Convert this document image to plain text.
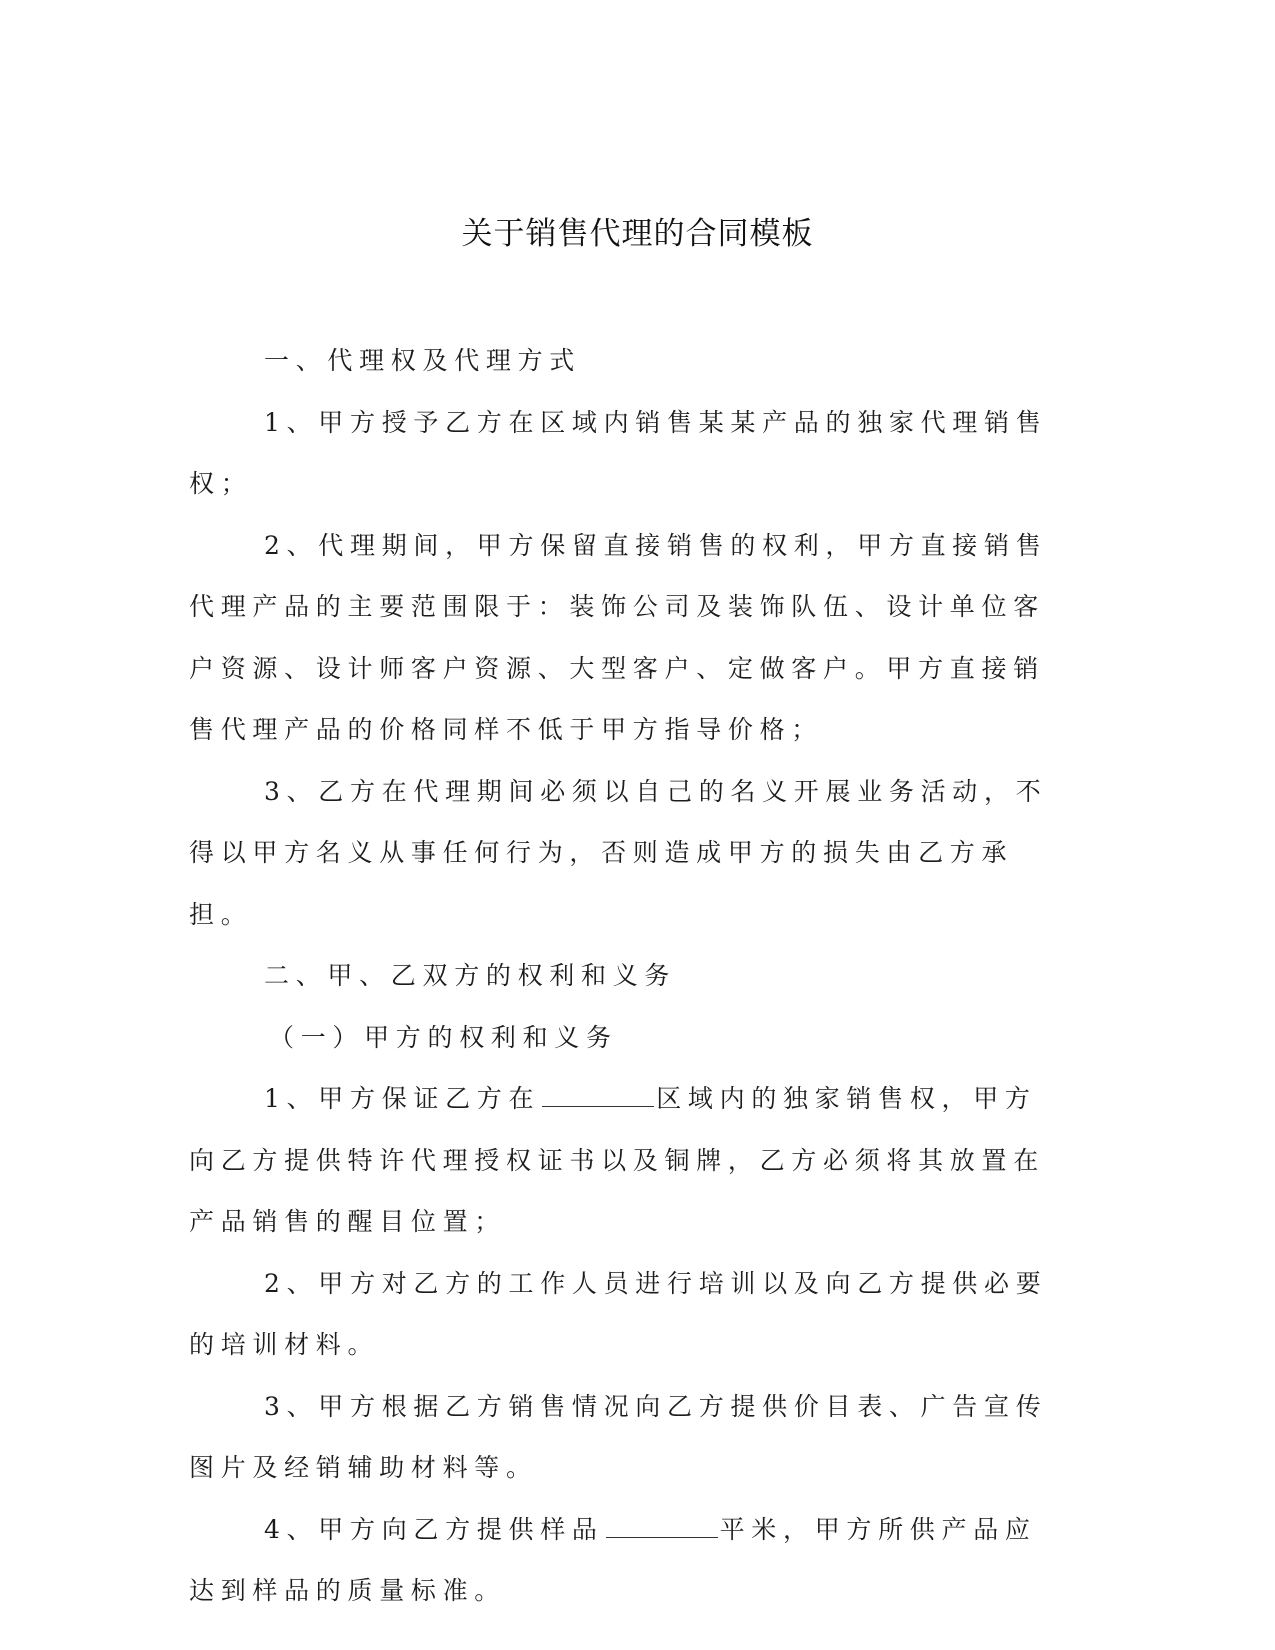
关于销售代理的合同模板

一、代理权及代理方式

1、甲方授予乙方在区域内销售某某产品的独家代理销售权；

2、代理期间，甲方保留直接销售的权利，甲方直接销售代理产品的主要范围限于：装饰公司及装饰队伍、设计单位客户资源、设计师客户资源、大型客户、定做客户。甲方直接销售代理产品的价格同样不低于甲方指导价格；

3、乙方在代理期间必须以自己的名义开展业务活动，不得以甲方名义从事任何行为，否则造成甲方的损失由乙方承担。

二、甲、乙双方的权利和义务

（一）甲方的权利和义务

1、甲方保证乙方在	区域内的独家销售权，甲方向乙方提供特许代理授权证书以及铜牌，乙方必须将其放置在产品销售的醒目位置；

2、甲方对乙方的工作人员进行培训以及向乙方提供必要的培训材料。

3、甲方根据乙方销售情况向乙方提供价目表、广告宣传图片及经销辅助材料等。

4、甲方向乙方提供样品	平米，甲方所供产品应达到样品的质量标准。
